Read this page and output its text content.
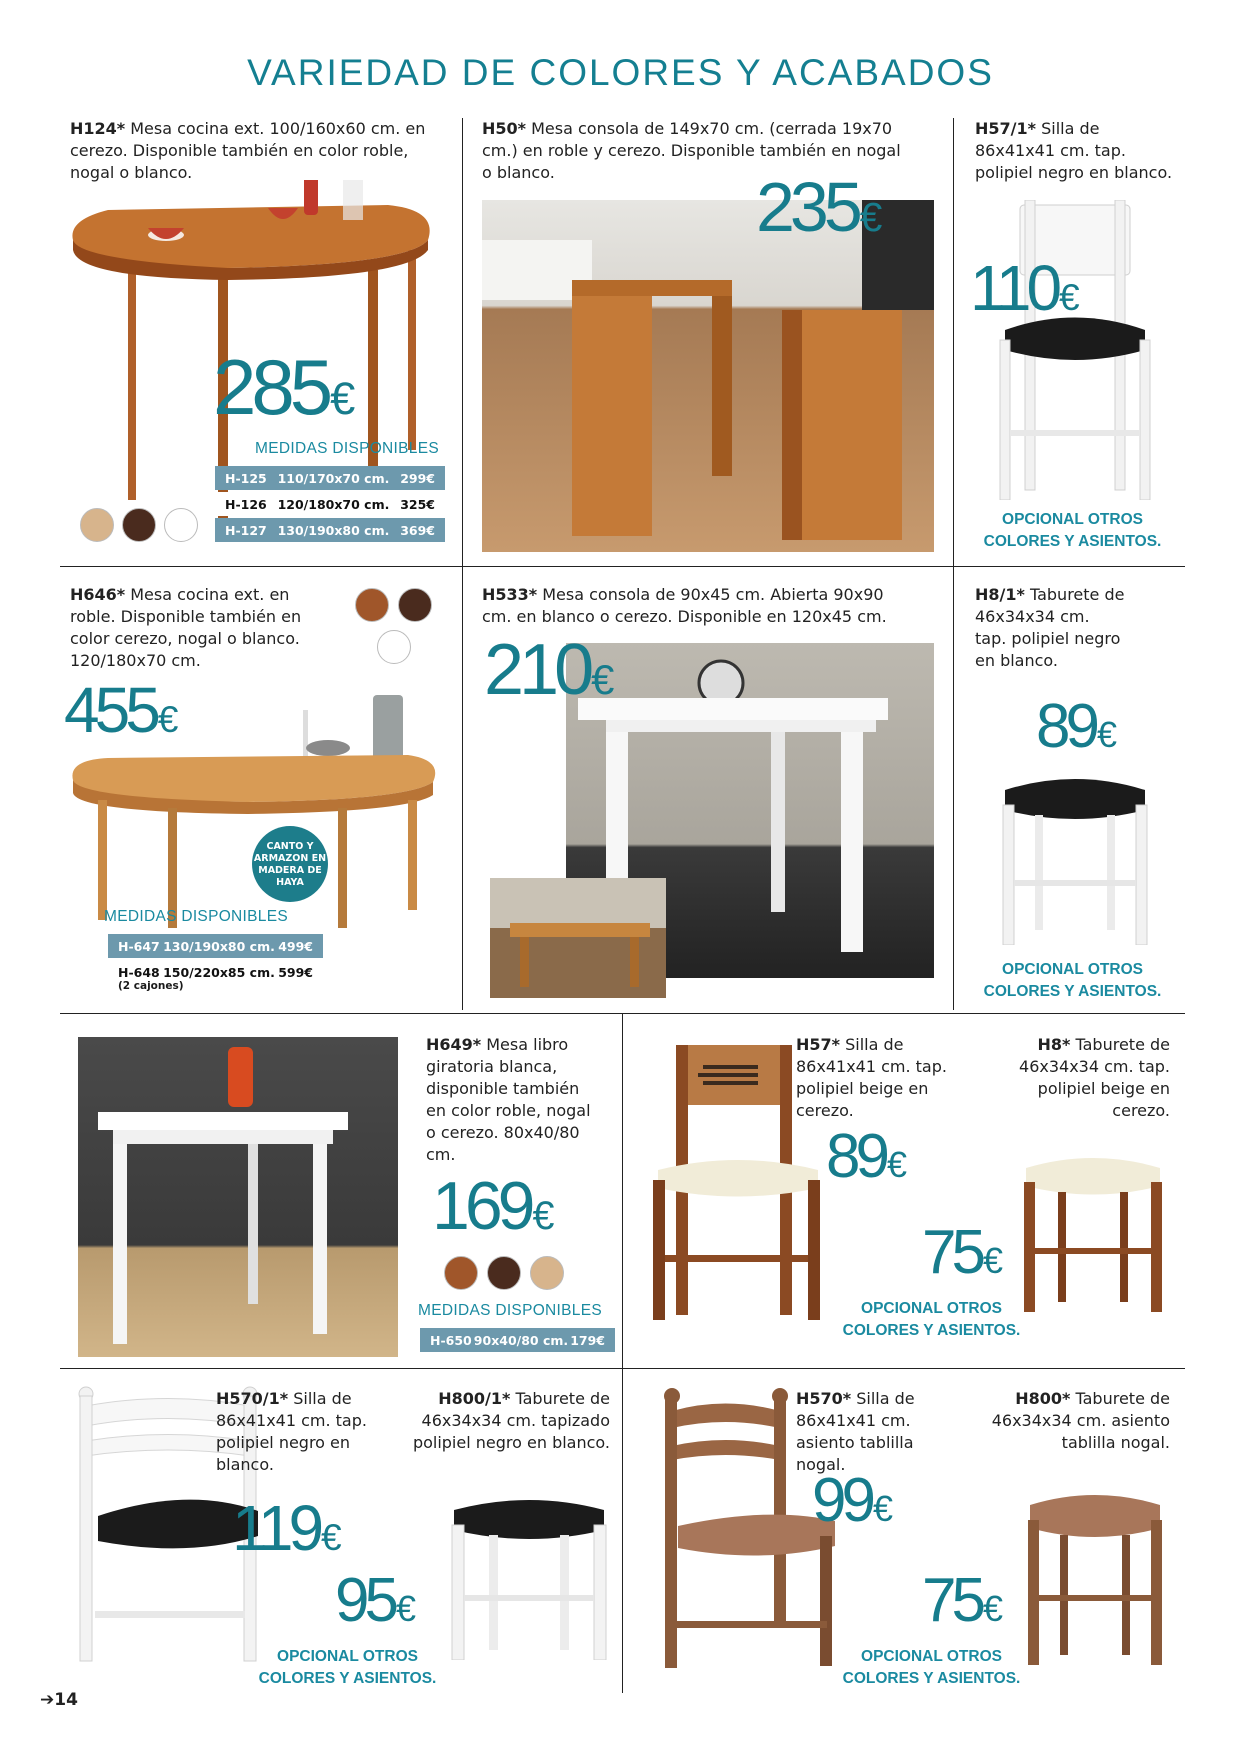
VARIEDAD DE COLORES Y ACABADOS
H124* Mesa cocina ext. 100/160x60 cm. en cerezo. Disponible también en color roble, nogal o blanco.
285€
MEDIDAS DISPONIBLES
H-125 110/170x70 cm. 299€
H-126 120/180x70 cm. 325€
H-127 130/190x80 cm. 369€
H50* Mesa consola de 149x70 cm. (cerrada 19x70 cm.) en roble y cerezo. Disponible también en nogal o blanco.	235€
H57/1* Silla de 86x41x41 cm. tap. polipiel negro en blanco.
110€
OPCIONAL OTROS
COLORES Y ASIENTOS.
H646* Mesa cocina ext. en roble. Disponible también en color cerezo, nogal o blanco. 120/180x70 cm.
455€
CANTO Y ARMAZON EN MADERA DE HAYA
MEDIDAS DISPONIBLES
H-647 130/190x80 cm. 499€
H-648 150/220x85 cm. 599€
(2 cajones)
H533* Mesa consola de 90x45 cm. Abierta 90x90 cm. en blanco o cerezo. Disponible en 120x45 cm.
210€
H8/1* Taburete de 46x34x34 cm. tap. polipiel negro en blanco.
89€
OPCIONAL OTROS
COLORES Y ASIENTOS.
H649* Mesa libro giratoria blanca, disponible también en color roble, nogal o cerezo. 80x40/80 cm.
169€
MEDIDAS DISPONIBLES
H-650 90x40/80 cm. 179€
H57* Silla de 86x41x41 cm. tap. polipiel beige en cerezo.
89€
H8* Taburete de 46x34x34 cm. tap. polipiel beige en cerezo.
75€
OPCIONAL OTROS
COLORES Y ASIENTOS.
H570/1* Silla de 86x41x41 cm. tap. polipiel negro en blanco.
119€
H800/1* Taburete de 46x34x34 cm. tapizado polipiel negro en blanco.
95€
OPCIONAL OTROS
COLORES Y ASIENTOS.
H570* Silla de 86x41x41 cm. asiento tablilla nogal.
99€
H800* Taburete de 46x34x34 cm. asiento tablilla nogal.
75€
OPCIONAL OTROS
COLORES Y ASIENTOS.
➔14
